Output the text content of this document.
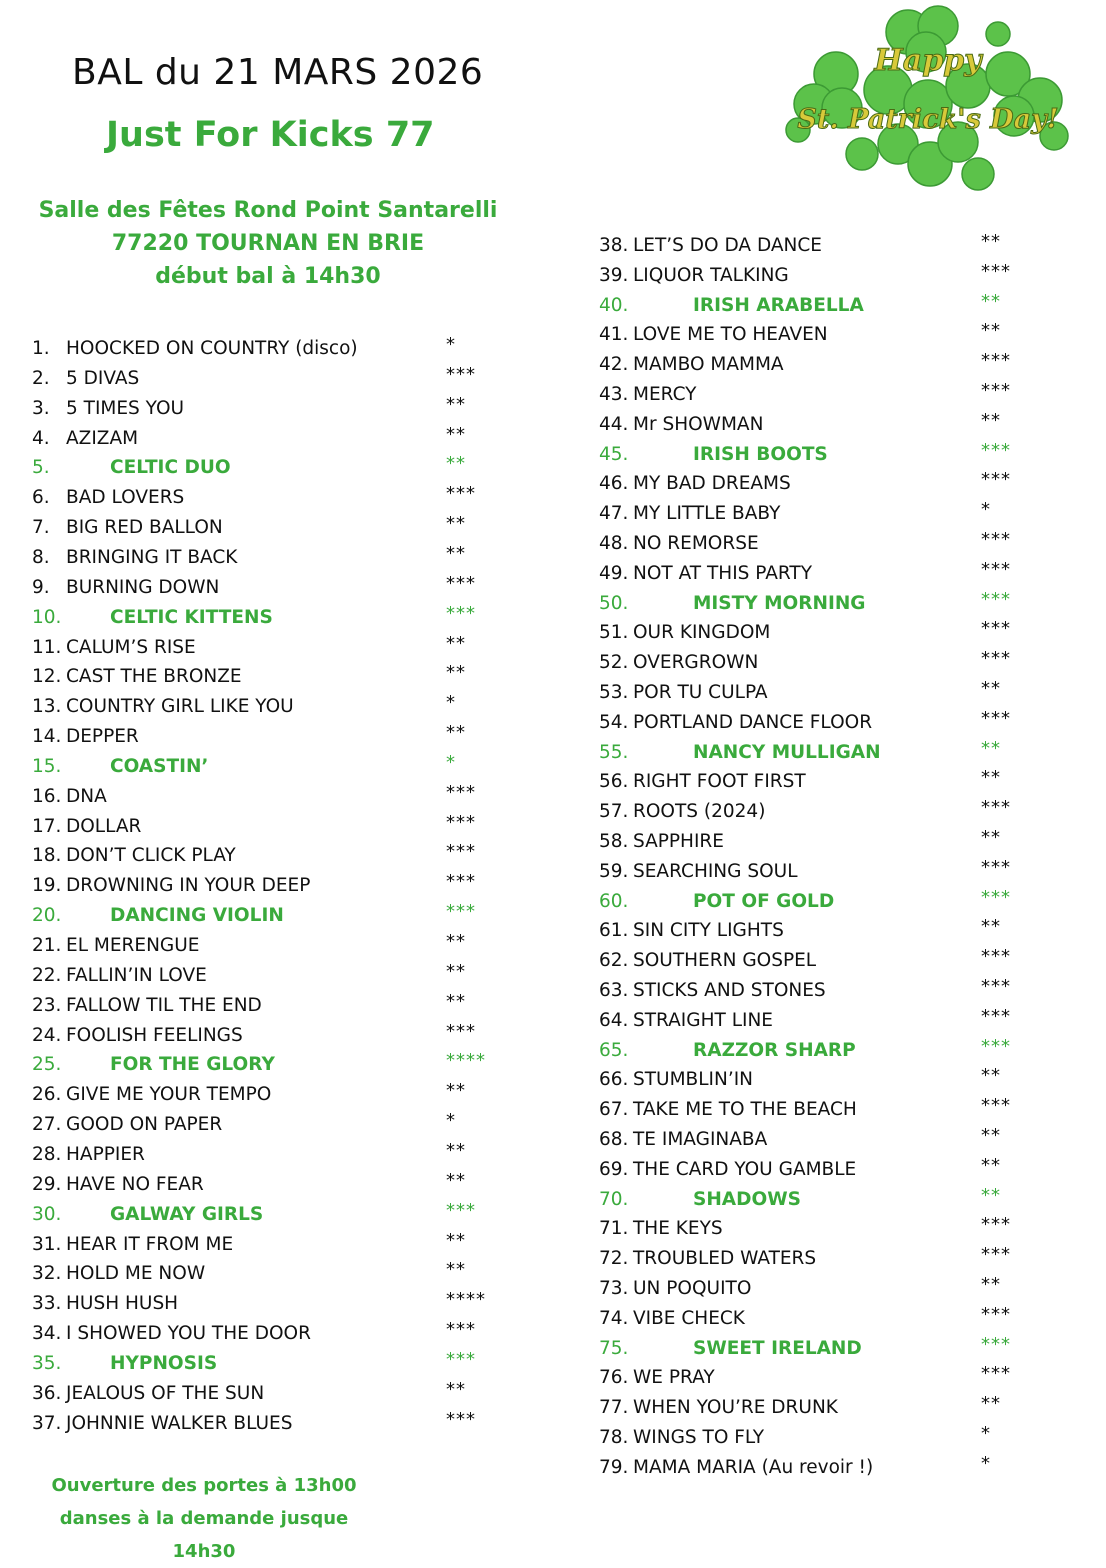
BAL du 21 MARS 2026
Just For Kicks 77
Salle des Fêtes Rond Point Santarelli
77220 TOURNAN EN BRIE
début bal à 14h30
Happy
St. Patrick's Day!
1. HOOCKED ON COUNTRY (disco)	*
2. 5 DIVAS	***
3. 5 TIMES YOU	**
4. AZIZAM	**
5.	CELTIC DUO	**
6. BAD LOVERS	***
7. BIG RED BALLON	**
8. BRINGING IT BACK	**
9. BURNING DOWN	***
10.	CELTIC KITTENS	***
11. CALUM’S RISE	**
12. CAST THE BRONZE	**
13. COUNTRY GIRL LIKE YOU	*
14. DEPPER	**
15.	COASTIN’	*
16. DNA	***
17. DOLLAR	***
18. DON’T CLICK PLAY	***
19. DROWNING IN YOUR DEEP	***
20.	DANCING VIOLIN	***
21. EL MERENGUE	**
22. FALLIN’IN LOVE	**
23. FALLOW TIL THE END	**
24. FOOLISH FEELINGS	***
25.	FOR THE GLORY	****
26. GIVE ME YOUR TEMPO	**
27. GOOD ON PAPER	*
28. HAPPIER	**
29. HAVE NO FEAR	**
30.	GALWAY GIRLS	***
31. HEAR IT FROM ME	**
32. HOLD ME NOW	**
33. HUSH HUSH	****
34. I SHOWED YOU THE DOOR	***
35.	HYPNOSIS	***
36. JEALOUS OF THE SUN	**
37. JOHNNIE WALKER BLUES	***
38. LET’S DO DA DANCE	**
39. LIQUOR TALKING	***
40.	IRISH ARABELLA	**
41. LOVE ME TO HEAVEN	**
42. MAMBO MAMMA	***
43. MERCY	***
44. Mr SHOWMAN	**
45.	IRISH BOOTS	***
46. MY BAD DREAMS	***
47. MY LITTLE BABY	*
48. NO REMORSE	***
49. NOT AT THIS PARTY	***
50.	MISTY MORNING	***
51. OUR KINGDOM	***
52. OVERGROWN	***
53. POR TU CULPA	**
54. PORTLAND DANCE FLOOR	***
55.	NANCY MULLIGAN	**
56. RIGHT FOOT FIRST	**
57. ROOTS (2024)	***
58. SAPPHIRE	**
59. SEARCHING SOUL	***
60.	POT OF GOLD	***
61. SIN CITY LIGHTS	**
62. SOUTHERN GOSPEL	***
63. STICKS AND STONES	***
64. STRAIGHT LINE	***
65.	RAZZOR SHARP	***
66. STUMBLIN’IN	**
67. TAKE ME TO THE BEACH	***
68. TE IMAGINABA	**
69. THE CARD YOU GAMBLE	**
70.	SHADOWS	**
71. THE KEYS	***
72. TROUBLED WATERS	***
73. UN POQUITO	**
74. VIBE CHECK	***
75.	SWEET IRELAND	***
76. WE PRAY	***
77. WHEN YOU’RE DRUNK	**
78. WINGS TO FLY	*
79. MAMA MARIA (Au revoir !)	*
Ouverture des portes à 13h00
danses à la demande jusque 14h30
